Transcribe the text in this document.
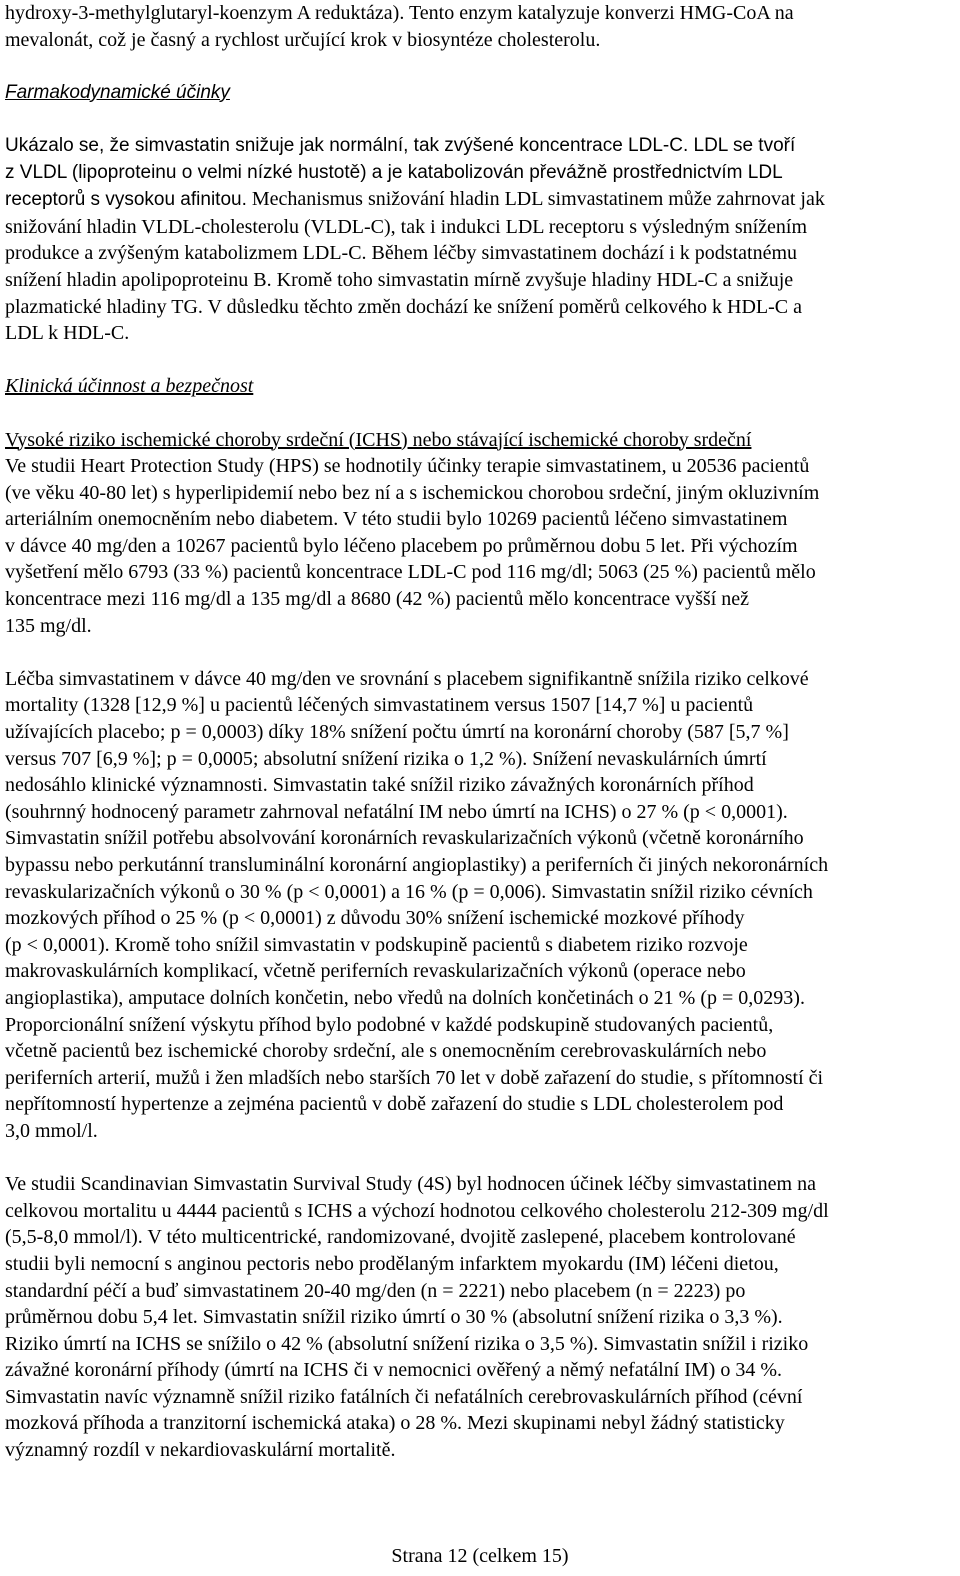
hydroxy-3-methylglutaryl-koenzym A reduktáza). Tento enzym katalyzuje konverzi HMG-CoA na
mevalonát, což je časný a rychlost určující krok v biosyntéze cholesterolu.
Farmakodynamické účinky
Ukázalo se, že simvastatin snižuje jak normální, tak zvýšené koncentrace LDL-C. LDL se tvoří
z VLDL (lipoproteinu o velmi nízké hustotě) a je katabolizován převážně prostřednictvím LDL
receptorů s vysokou afinitou. Mechanismus snižování hladin LDL simvastatinem může zahrnovat jak
snižování hladin VLDL-cholesterolu (VLDL-C), tak i indukci LDL receptoru s výsledným snížením
produkce a zvýšeným katabolizmem LDL-C. Během léčby simvastatinem dochází i k podstatnému
snížení hladin apolipoproteinu B. Kromě toho simvastatin mírně zvyšuje hladiny HDL-C a snižuje
plazmatické hladiny TG. V důsledku těchto změn dochází ke snížení poměrů celkového k HDL-C a
LDL k HDL-C.
Klinická účinnost a bezpečnost
Vysoké riziko ischemické choroby srdeční (ICHS) nebo stávající ischemické choroby srdeční
Ve studii Heart Protection Study (HPS) se hodnotily účinky terapie simvastatinem, u 20536 pacientů
(ve věku 40-80 let) s hyperlipidemií nebo bez ní a s ischemickou chorobou srdeční, jiným okluzivním
arteriálním onemocněním nebo diabetem. V této studii bylo 10269 pacientů léčeno simvastatinem
v dávce 40 mg/den a 10267 pacientů bylo léčeno placebem po průměrnou dobu 5 let. Při výchozím
vyšetření mělo 6793 (33 %) pacientů koncentrace LDL-C pod 116 mg/dl; 5063 (25 %) pacientů mělo
koncentrace mezi 116 mg/dl a 135 mg/dl a 8680 (42 %) pacientů mělo koncentrace vyšší než
135 mg/dl.
Léčba simvastatinem v dávce 40 mg/den ve srovnání s placebem signifikantně snížila riziko celkové
mortality (1328 [12,9 %] u pacientů léčených simvastatinem versus 1507 [14,7 %] u pacientů
užívajících placebo; p = 0,0003) díky 18% snížení počtu úmrtí na koronární choroby (587 [5,7 %]
versus 707 [6,9 %]; p = 0,0005; absolutní snížení rizika o 1,2 %). Snížení nevaskulárních úmrtí
nedosáhlo klinické významnosti. Simvastatin také snížil riziko závažných koronárních příhod
(souhrnný hodnocený parametr zahrnoval nefatální IM nebo úmrtí na ICHS) o 27 % (p < 0,0001).
Simvastatin snížil potřebu absolvování koronárních revaskularizačních výkonů (včetně koronárního
bypassu nebo perkutánní transluminální koronární angioplastiky) a periferních či jiných nekoronárních
revaskularizačních výkonů o 30 % (p < 0,0001) a 16 % (p = 0,006). Simvastatin snížil riziko cévních
mozkových příhod o 25 % (p < 0,0001) z důvodu 30% snížení ischemické mozkové příhody
(p < 0,0001). Kromě toho snížil simvastatin v podskupině pacientů s diabetem riziko rozvoje
makrovaskulárních komplikací, včetně periferních revaskularizačních výkonů (operace nebo
angioplastika), amputace dolních končetin, nebo vředů na dolních končetinách o 21 % (p = 0,0293).
Proporcionální snížení výskytu příhod bylo podobné v každé podskupině studovaných pacientů,
včetně pacientů bez ischemické choroby srdeční, ale s onemocněním cerebrovaskulárních nebo
periferních arterií, mužů i žen mladších nebo starších 70 let v době zařazení do studie, s přítomností či
nepřítomností hypertenze a zejména pacientů v době zařazení do studie s LDL cholesterolem pod
3,0 mmol/l.
Ve studii Scandinavian Simvastatin Survival Study (4S) byl hodnocen účinek léčby simvastatinem na
celkovou mortalitu u 4444 pacientů s ICHS a výchozí hodnotou celkového cholesterolu 212-309 mg/dl
(5,5-8,0 mmol/l). V této multicentrické, randomizované, dvojitě zaslepené, placebem kontrolované
studii byli nemocní s anginou pectoris nebo prodělaným infarktem myokardu (IM) léčeni dietou,
standardní péčí a buď simvastatinem 20-40 mg/den (n = 2221) nebo placebem (n = 2223) po
průměrnou dobu 5,4 let. Simvastatin snížil riziko úmrtí o 30 % (absolutní snížení rizika o 3,3 %).
Riziko úmrtí na ICHS se snížilo o 42 % (absolutní snížení rizika o 3,5 %). Simvastatin snížil i riziko
závažné koronární příhody (úmrtí na ICHS či v nemocnici ověřený a němý nefatální IM) o 34 %.
Simvastatin navíc významně snížil riziko fatálních či nefatálních cerebrovaskulárních příhod (cévní
mozková příhoda a tranzitorní ischemická ataka) o 28 %. Mezi skupinami nebyl žádný statisticky
významný rozdíl v nekardiovaskulární mortalitě.
Strana 12 (celkem 15)
